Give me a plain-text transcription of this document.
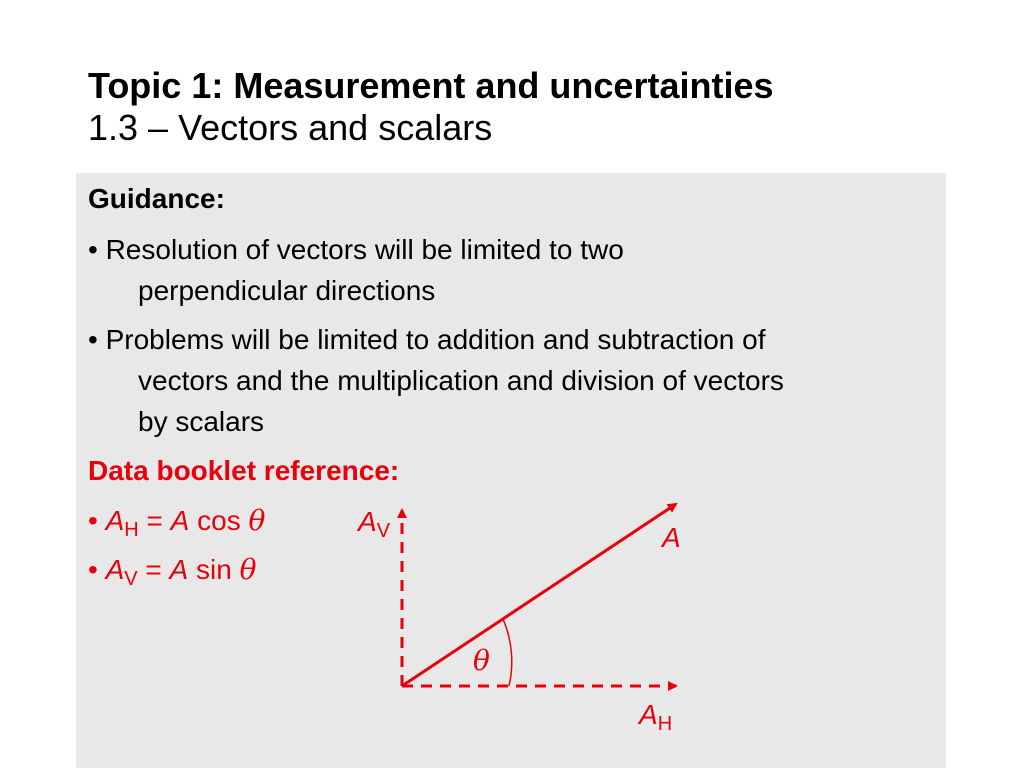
Topic 1: Measurement and uncertainties
1.3 – Vectors and scalars
Guidance:
• Resolution of vectors will be limited to two
perpendicular directions
• Problems will be limited to addition and subtraction of
vectors and the multiplication and division of vectors
by scalars
Data booklet reference:
• $A_H = A$ cos θ
• $A_V = A$ sin θ
$A_V$	A
θ
$A_H$
